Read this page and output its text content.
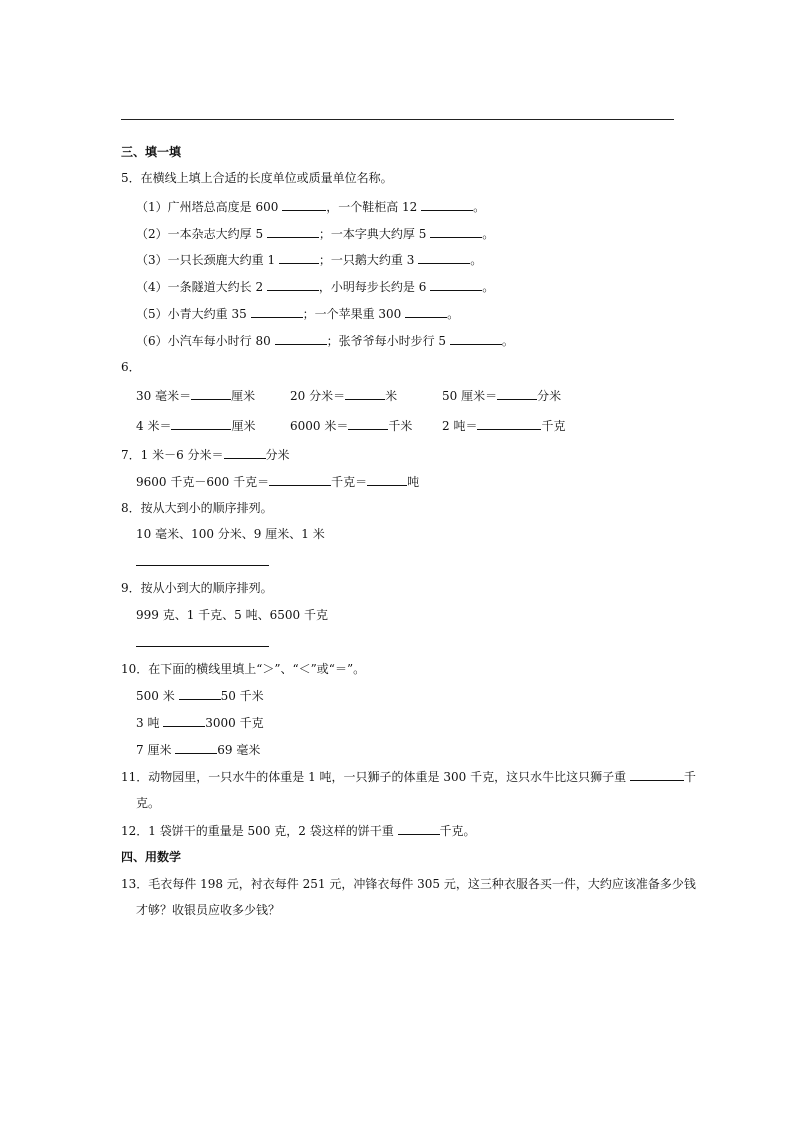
三、填一填
5．在横线上填上合适的长度单位或质量单位名称。
（1）广州塔总高度是 600	，一个鞋柜高 12	。
（2）一本杂志大约厚 5	；一本字典大约厚 5	。
（3）一只长颈鹿大约重 1	；一只鹅大约重 3	。
（4）一条隧道大约长 2	，小明每步长约是 6	。
（5）小青大约重 35	；一个苹果重 300	。
（6）小汽车每小时行 80	；张爷爷每小时步行 5	。
6．
30 毫米＝	厘米	20 分米＝	米	50 厘米＝	分米
4 米＝	厘米	6000 米＝	千米 2 吨＝	千克
7．1 米－6 分米＝	分米
9600 千克－600 千克＝	千克＝	吨
8．按从大到小的顺序排列。
10 毫米、100 分米、9 厘米、1 米
9．按从小到大的顺序排列。
999 克、1 千克、5 吨、6500 千克
10．在下面的横线里填上“＞”、“＜”或“＝”。
500 米	50 千米
3 吨	3000 千克
7 厘米	69 毫米
11．动物园里，一只水牛的体重是 1 吨，一只狮子的体重是 300 千克，这只水牛比这只狮子重	千
克。
12．1 袋饼干的重量是 500 克，2 袋这样的饼干重	千克。
四、用数学
13．毛衣每件 198 元，衬衣每件 251 元，冲锋衣每件 305 元，这三种衣服各买一件，大约应该准备多少钱
才够？收银员应收多少钱？
